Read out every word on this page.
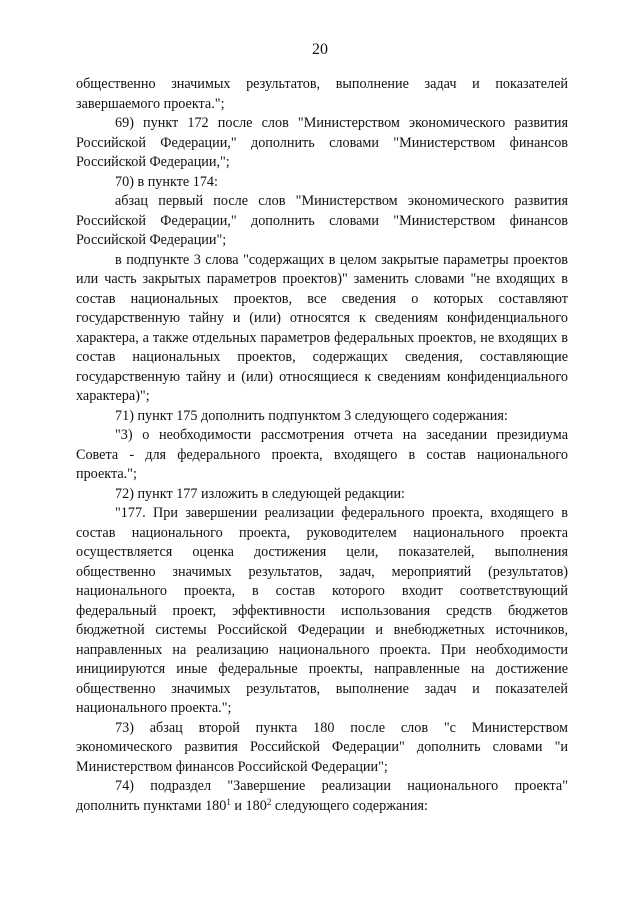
20

общественно значимых результатов, выполнение задач и показателей завершаемого проекта.";

69) пункт 172 после слов "Министерством экономического развития Российской Федерации," дополнить словами "Министерством финансов Российской Федерации,";

70) в пункте 174:

абзац первый после слов "Министерством экономического развития Российской Федерации," дополнить словами "Министерством финансов Российской Федерации";

в подпункте 3 слова "содержащих в целом закрытые параметры проектов или часть закрытых параметров проектов)" заменить словами "не входящих в состав национальных проектов, все сведения о которых составляют государственную тайну и (или) относятся к сведениям конфиденциального характера, а также отдельных параметров федеральных проектов, не входящих в состав национальных проектов, содержащих сведения, составляющие государственную тайну и (или) относящиеся к сведениям конфиденциального характера)";

71) пункт 175 дополнить подпунктом 3 следующего содержания:

"3) о необходимости рассмотрения отчета на заседании президиума Совета - для федерального проекта, входящего в состав национального проекта.";

72) пункт 177 изложить в следующей редакции:

"177. При завершении реализации федерального проекта, входящего в состав национального проекта, руководителем национального проекта осуществляется оценка достижения цели, показателей, выполнения общественно значимых результатов, задач, мероприятий (результатов) национального проекта, в состав которого входит соответствующий федеральный проект, эффективности использования средств бюджетов бюджетной системы Российской Федерации и внебюджетных источников, направленных на реализацию национального проекта. При необходимости инициируются иные федеральные проекты, направленные на достижение общественно значимых результатов, выполнение задач и показателей национального проекта.";

73) абзац второй пункта 180 после слов "с Министерством экономического развития Российской Федерации" дополнить словами "и Министерством финансов Российской Федерации";

74) подраздел "Завершение реализации национального проекта" дополнить пунктами $180^1$ и $180^2$ следующего содержания:
